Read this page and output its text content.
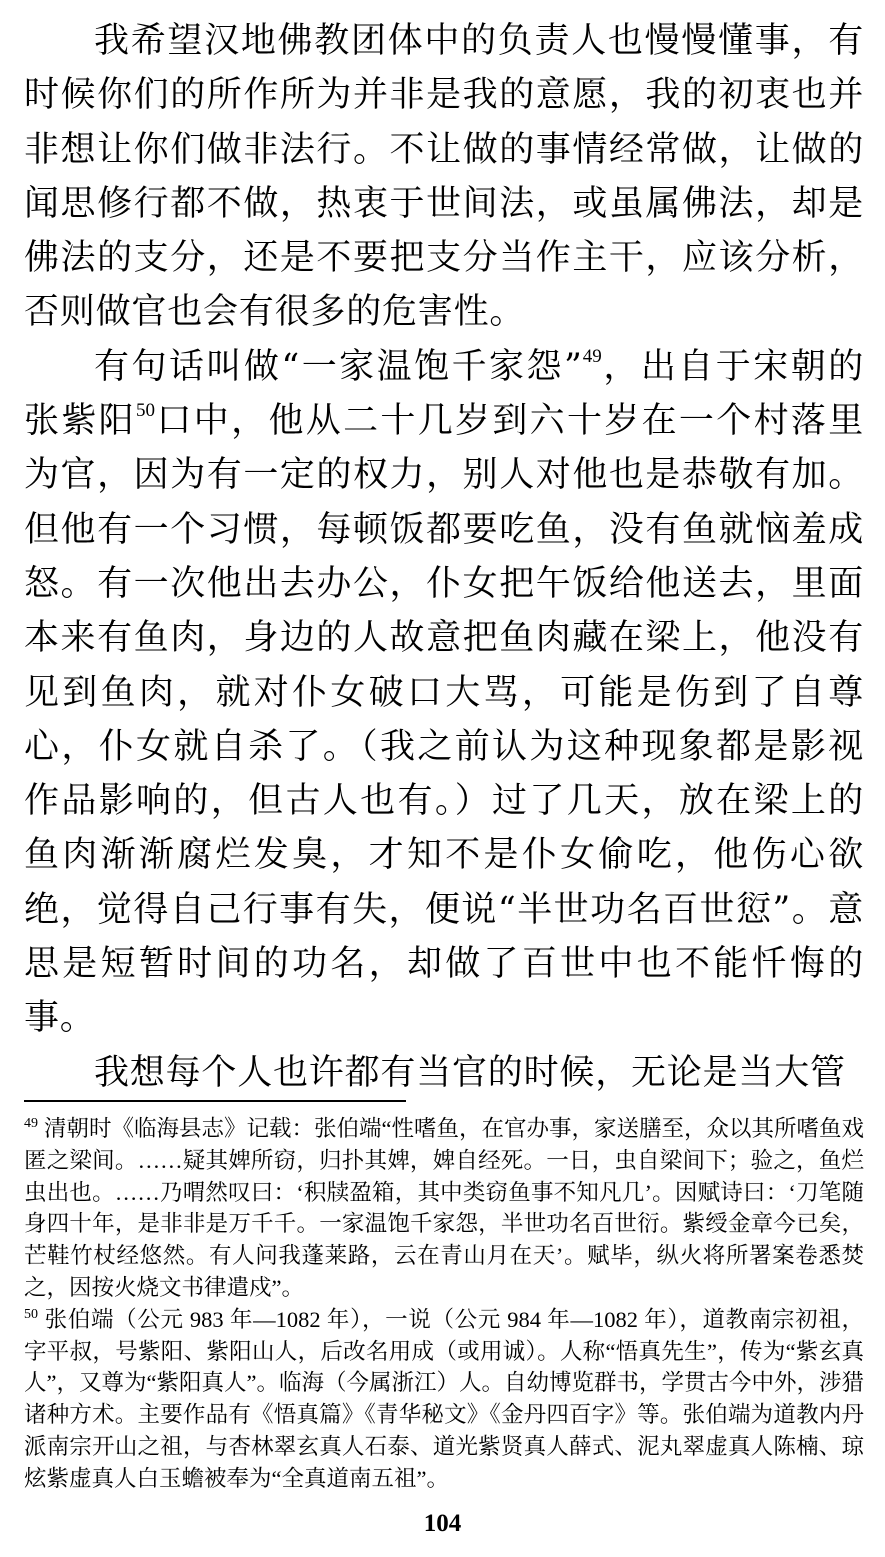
我希望汉地佛教团体中的负责人也慢慢懂事，有时候你们的所作所为并非是我的意愿，我的初衷也并非想让你们做非法行。不让做的事情经常做，让做的闻思修行都不做，热衷于世间法，或虽属佛法，却是佛法的支分，还是不要把支分当作主干，应该分析，否则做官也会有很多的危害性。

有句话叫做“一家温饱千家怨”$^{49}$，出自于宋朝的张紫阳$^{50}$口中，他从二十几岁到六十岁在一个村落里为官，因为有一定的权力，别人对他也是恭敬有加。但他有一个习惯，每顿饭都要吃鱼，没有鱼就恼羞成怒。有一次他出去办公，仆女把午饭给他送去，里面本来有鱼肉，身边的人故意把鱼肉藏在梁上，他没有见到鱼肉，就对仆女破口大骂，可能是伤到了自尊心，仆女就自杀了。（我之前认为这种现象都是影视作品影响的，但古人也有。）过了几天，放在梁上的鱼肉渐渐腐烂发臭，才知不是仆女偷吃，他伤心欲绝，觉得自己行事有失，便说“半世功名百世愆”。意思是短暂时间的功名，却做了百世中也不能忏悔的事。

我想每个人也许都有当官的时候，无论是当大管

$^{49}$ 清朝时《临海县志》记载：张伯端“性嗜鱼，在官办事，家送膳至，众以其所嗜鱼戏匿之梁间。……疑其婢所窃，归扑其婢，婢自经死。一日，虫自梁间下；验之，鱼烂虫出也。……乃喟然叹曰：‘积牍盈箱，其中类窃鱼事不知凡几’。因赋诗曰：‘刀笔随身四十年，是非非是万千千。一家温饱千家怨，半世功名百世衍。紫绶金章今已矣，芒鞋竹杖经悠然。有人问我蓬莱路，云在青山月在天’。赋毕，纵火将所署案卷悉焚之，因按火烧文书律遣戍”。

$^{50}$ 张伯端（公元 983 年—1082 年），一说（公元 984 年—1082 年），道教南宗初祖，字平叔，号紫阳、紫阳山人，后改名用成（或用诚）。人称“悟真先生”，传为“紫玄真人”，又尊为“紫阳真人”。临海（今属浙江）人。自幼博览群书，学贯古今中外，涉猎诸种方术。主要作品有《悟真篇》《青华秘文》《金丹四百字》等。张伯端为道教内丹派南宗开山之祖，与杏林翠玄真人石泰、道光紫贤真人薛式、泥丸翠虚真人陈楠、琼炫紫虚真人白玉蟾被奉为“全真道南五祖”。

104
